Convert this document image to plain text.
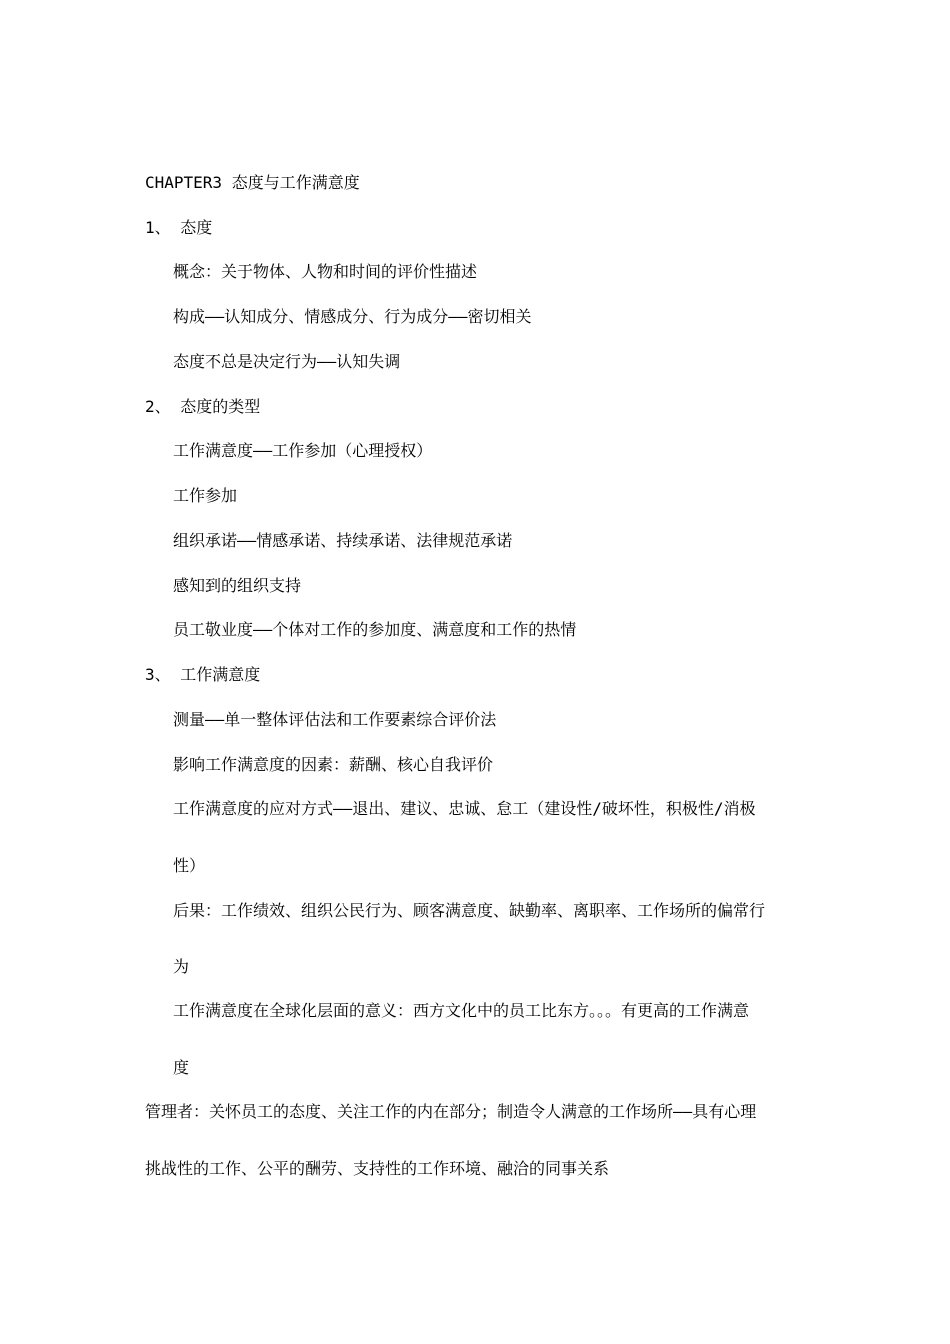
CHAPTER3 态度与工作满意度
1、 态度
概念：关于物体、人物和时间的评价性描述
构成——认知成分、情感成分、行为成分——密切相关
态度不总是决定行为——认知失调
2、 态度的类型
工作满意度——工作参加（心理授权）
工作参加
组织承诺——情感承诺、持续承诺、法律规范承诺
感知到的组织支持
员工敬业度——个体对工作的参加度、满意度和工作的热情
3、 工作满意度
测量——单一整体评估法和工作要素综合评价法
影响工作满意度的因素：薪酬、核心自我评价
工作满意度的应对方式——退出、建议、忠诚、怠工（建设性/破坏性，积极性/消极
性）
后果：工作绩效、组织公民行为、顾客满意度、缺勤率、离职率、工作场所的偏常行
为
工作满意度在全球化层面的意义：西方文化中的员工比东方。。。有更高的工作满意
度
管理者：关怀员工的态度、关注工作的内在部分；制造令人满意的工作场所——具有心理
挑战性的工作、公平的酬劳、支持性的工作环境、融洽的同事关系
